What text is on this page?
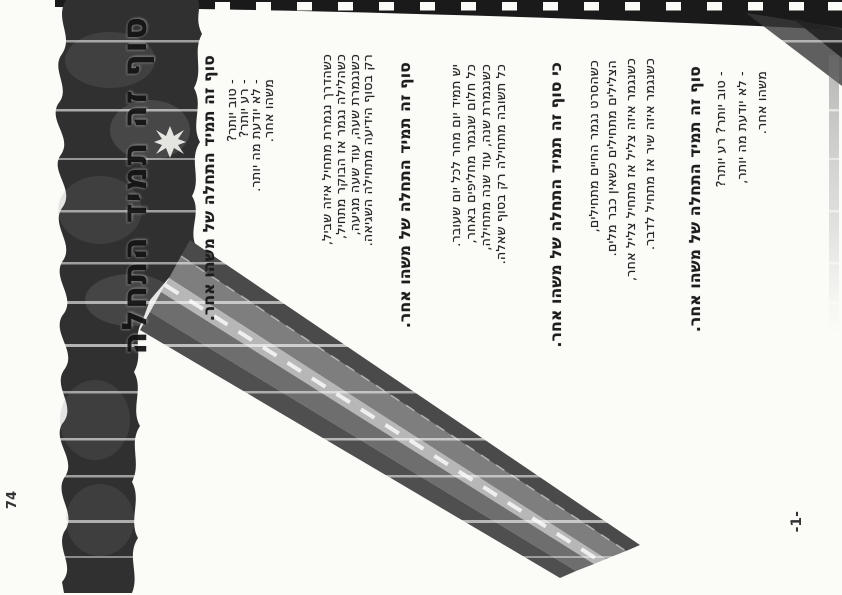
סוף זה תמיד התחלה	סוף זה תמיד התחלה של משהו אחר. - טוב יותר?
- רע יותר?
- לא יודעת מה יותר.
משהו אחר.	כשהדרך נגמרת מתחיל איזה שביל, כשהלילה נגמר אז הבוקר מתחיל, כשנגמרת שעה, עוד שעה מגיעה,
רק בסוף הידיעה מתחילה השגיאה. סוף זה תמיד התחלה של משהו אחר.	יש תמיד יום מחר לכל יום שעובר. כל חלום שנגמר מחליפים באחר, כשנגמרת שנה, עוד שנה מתחילה, כל תשובה מתחילה רק בסוף שאלה.	כי סוף זה תמיד התחלה של משהו אחר. כשהסרט נגמר החיים מתחילים, הצלילים מתחילים כשאין כבר מלים. כשנגמר איזה צליל אז מתחיל צליל אחר, כשנגמר איזה שיר אז מתחיל לדבר. סוף זה תמיד התחלה של משהו אחר. - טוב יותר? רע יותר? - לא יודעת מה יותר, משהו אחר.
74
-1-
